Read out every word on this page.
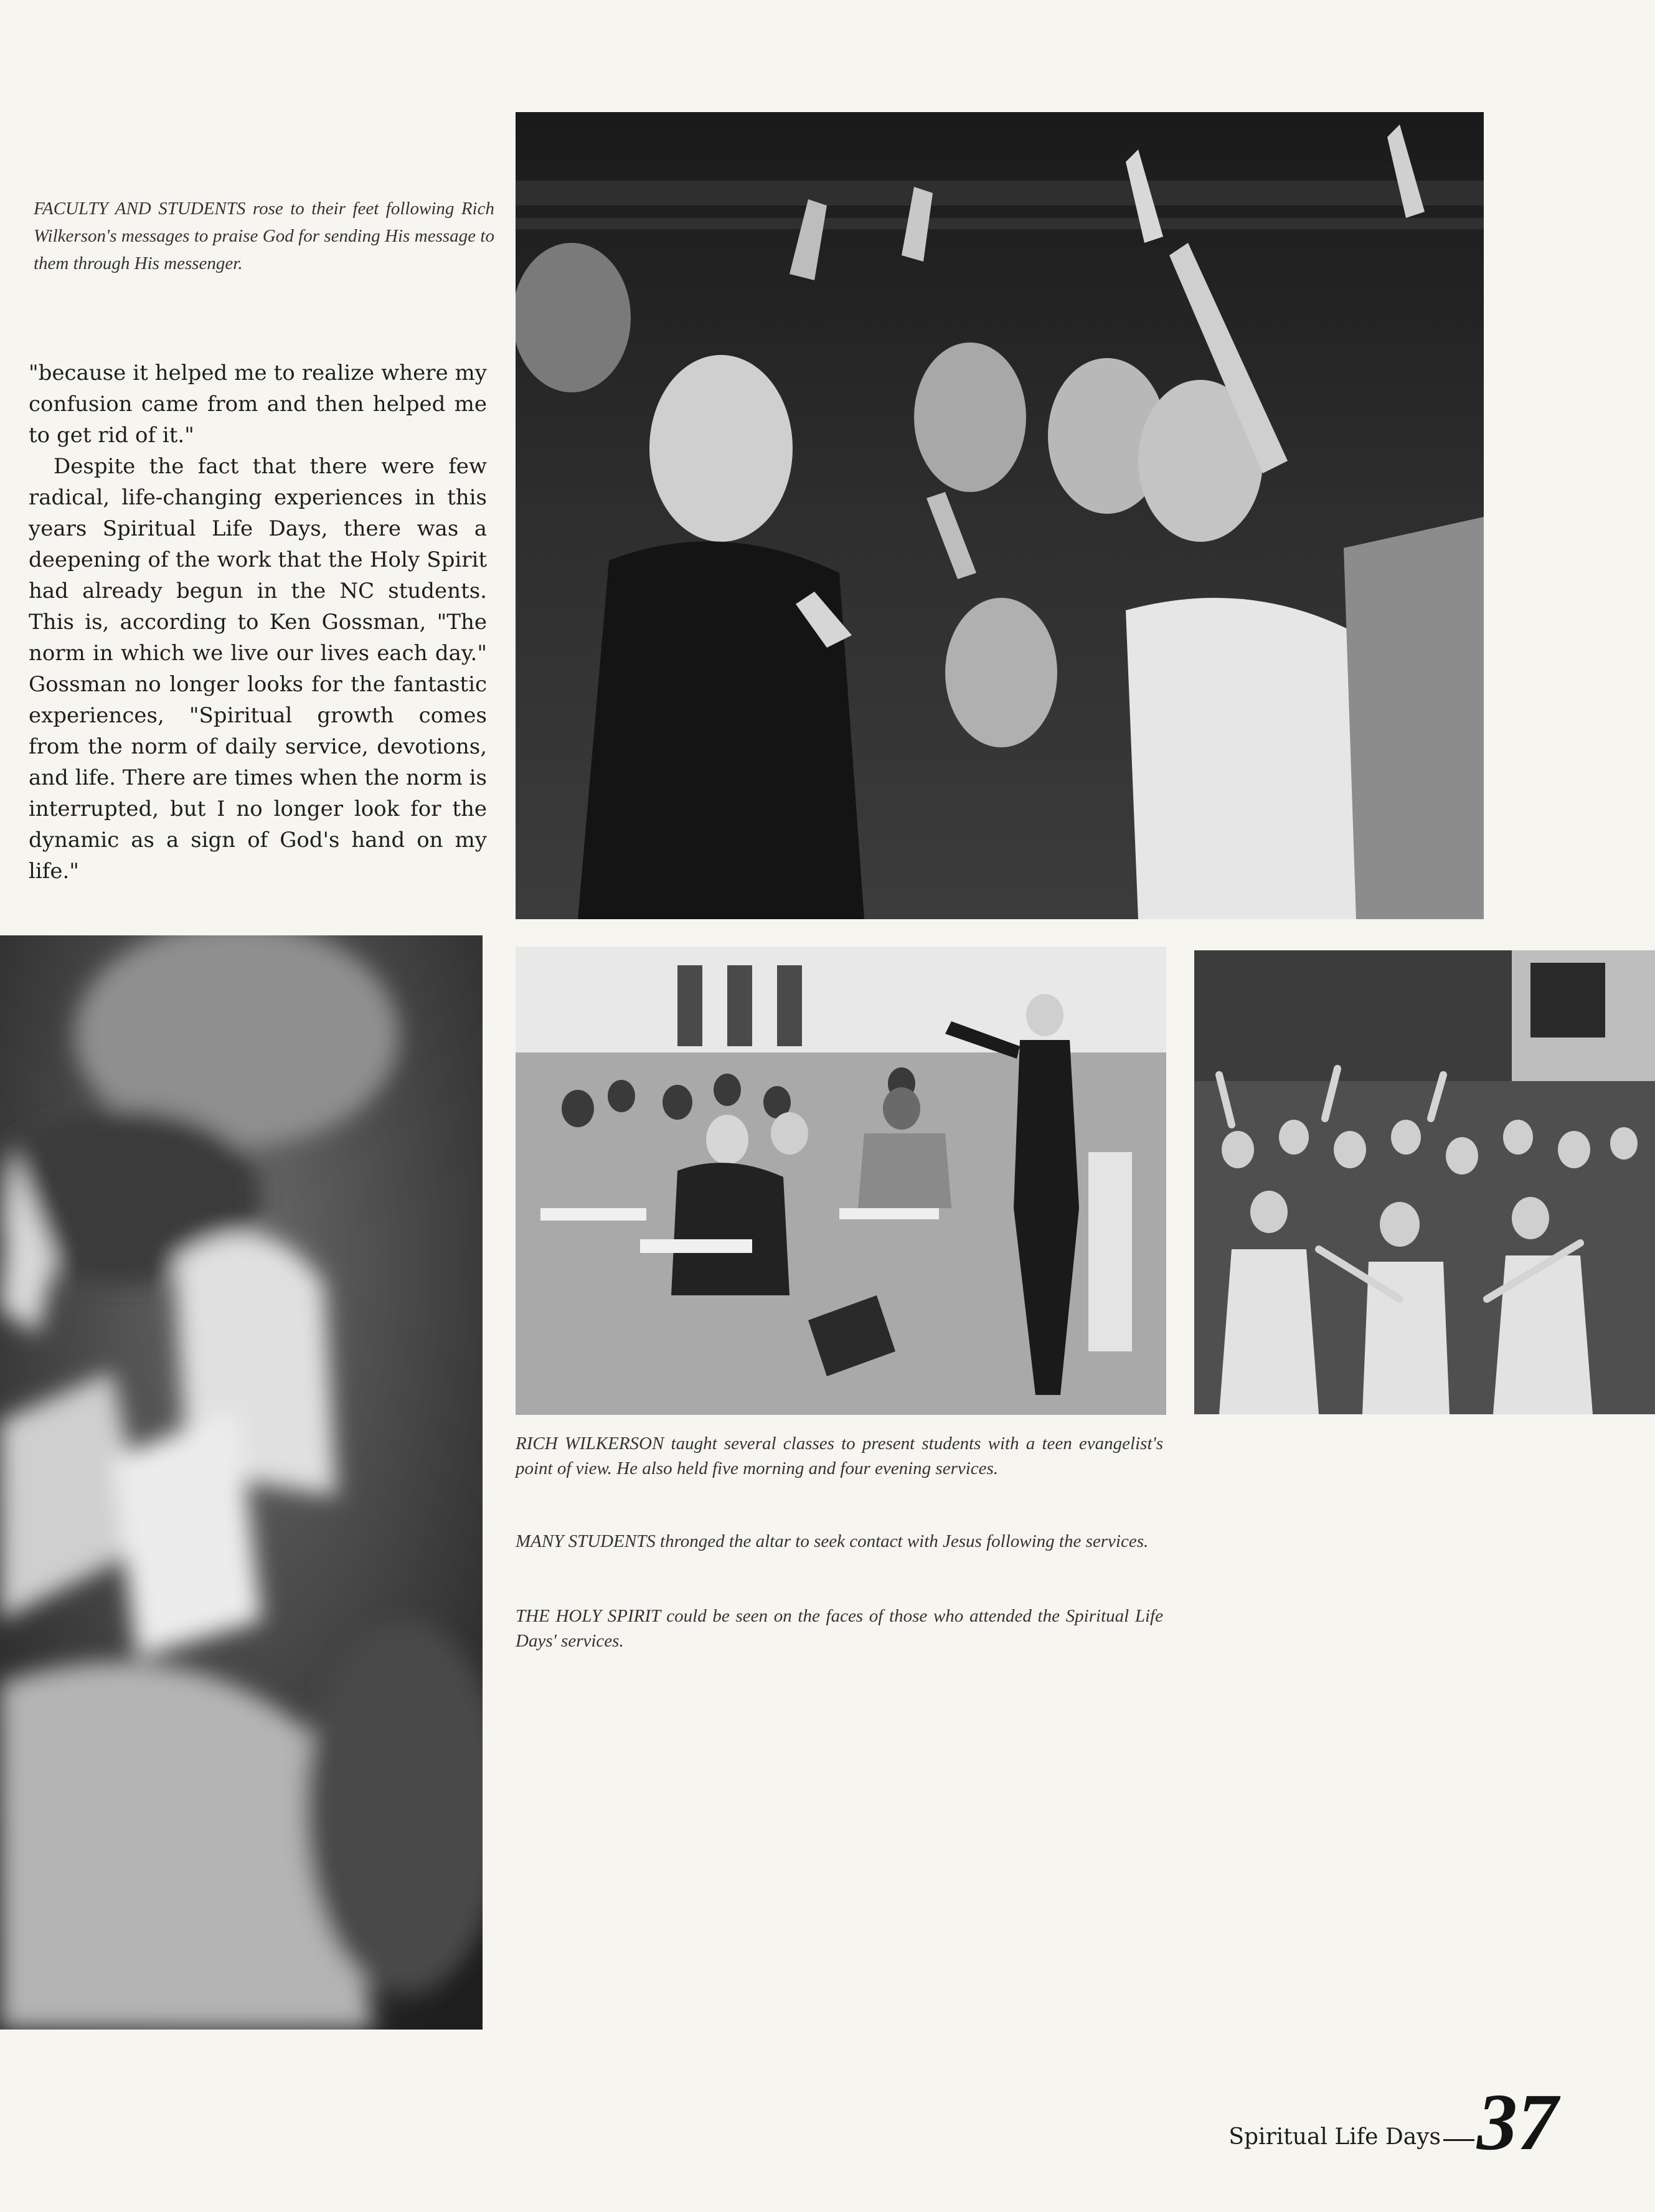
FACULTY AND STUDENTS rose to their feet following Rich Wilkerson's messages to praise God for sending His message to them through His messenger.

"because it helped me to realize where my confusion came from and then helped me to get rid of it."

Despite the fact that there were few radical, life-changing experiences in this years Spiritual Life Days, there was a deepening of the work that the Holy Spirit had already begun in the NC students. This is, according to Ken Gossman, "The norm in which we live our lives each day." Gossman no longer looks for the fantastic experiences, "Spiritual growth comes from the norm of daily service, devotions, and life. There are times when the norm is interrupted, but I no longer look for the dynamic as a sign of God's hand on my life."

RICH WILKERSON taught several classes to present students with a teen evangelist's point of view. He also held five morning and four evening services.

MANY STUDENTS thronged the altar to seek contact with Jesus following the services.

THE HOLY SPIRIT could be seen on the faces of those who attended the Spiritual Life Days' services.

Spiritual Life Days 37
